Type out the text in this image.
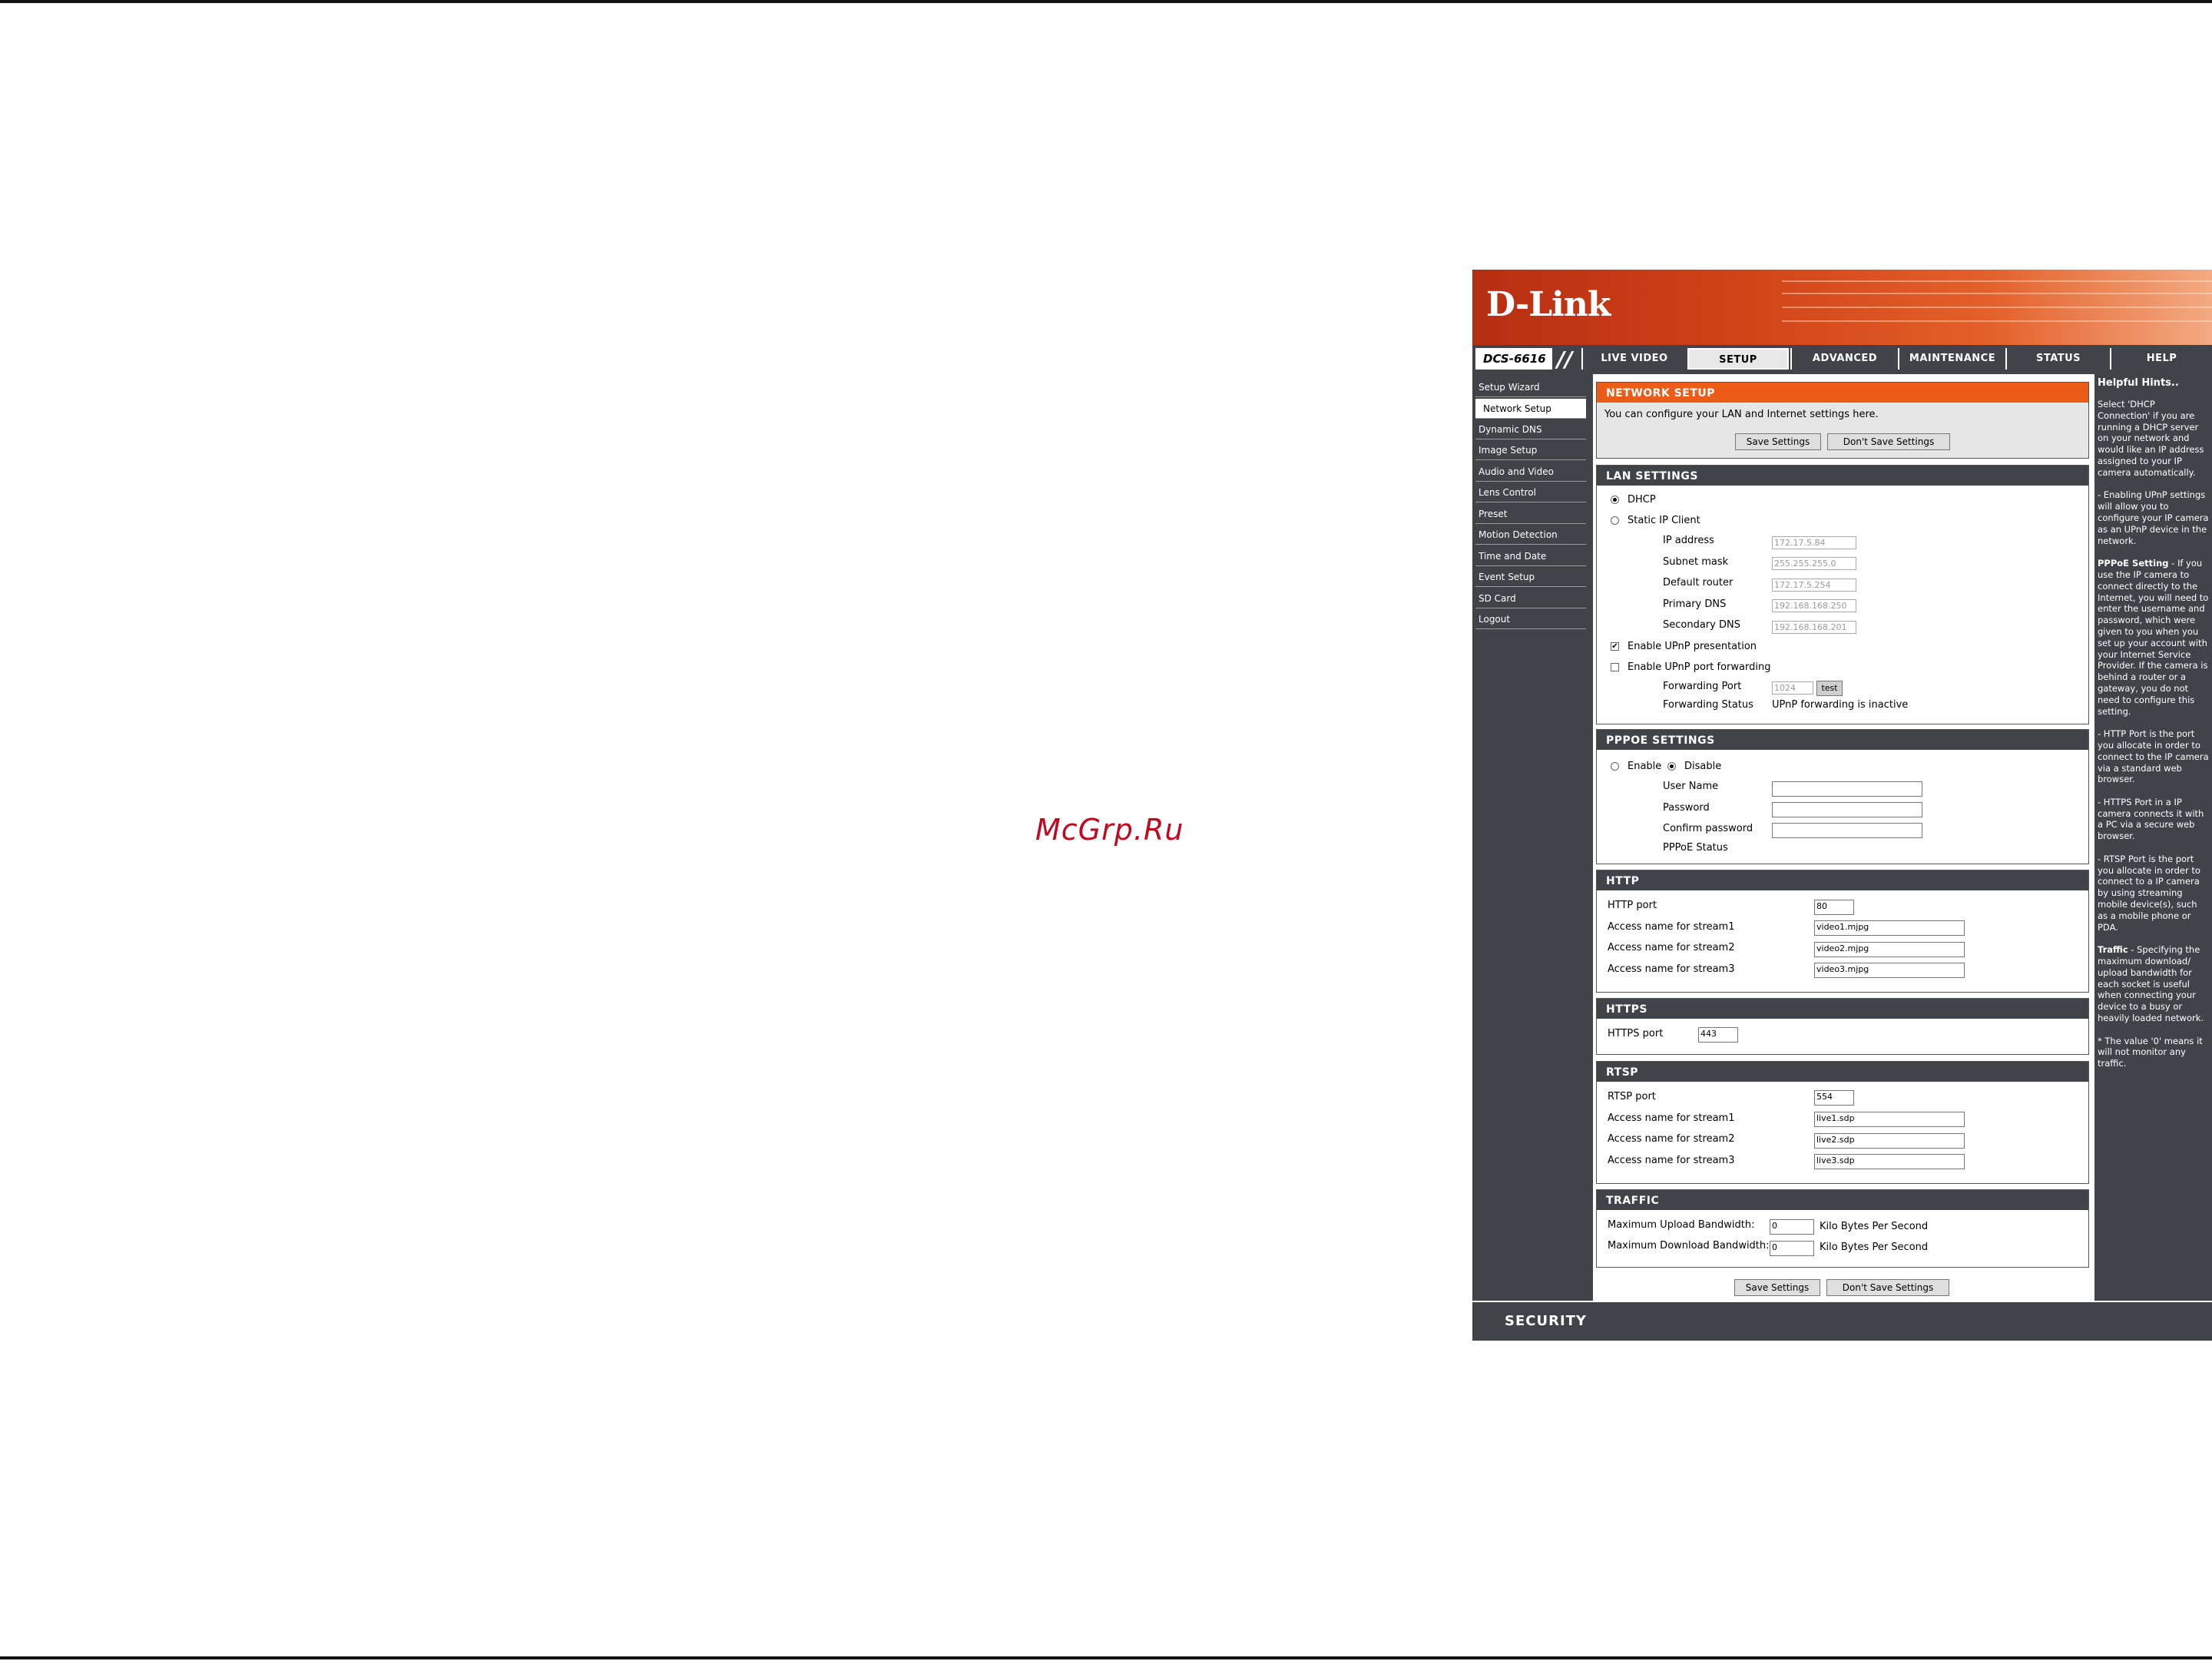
McGrp.Ru
D-Link
DCS-6616 //	LIVE VIDEO	SETUP	ADVANCED	MAINTENANCE	STATUS	HELP
Setup Wizard
Network Setup
Dynamic DNS
Image Setup
Audio and Video
Lens Control
Preset
Motion Detection
Time and Date
Event Setup
SD Card
Logout
NETWORK SETUP
You can configure your LAN and Internet settings here.
Save Settings	Don't Save Settings
LAN SETTINGS
DHCP
Static IP Client
IP address	172.17.5.84
Subnet mask	255.255.255.0
Default router	172.17.5.254
Primary DNS	192.168.168.250
Secondary DNS	192.168.168.201
✔ Enable UPnP presentation
Enable UPnP port forwarding
Forwarding Port	1024	test
Forwarding Status UPnP forwarding is inactive
PPPOE SETTINGS
Enable Disable
User Name
Password
Confirm password
PPPoE Status
HTTP
HTTP port	80
Access name for stream1	video1.mjpg
Access name for stream2	video2.mjpg
Access name for stream3	video3.mjpg
HTTPS
HTTPS port	443
RTSP
RTSP port	554
Access name for stream1	live1.sdp
Access name for stream2	live2.sdp
Access name for stream3	live3.sdp
TRAFFIC
Maximum Upload Bandwidth: 0	Kilo Bytes Per Second
Maximum Download Bandwidth: 0	Kilo Bytes Per Second
Save Settings	Don't Save Settings
Helpful Hints..

Select 'DHCP Connection' if you are running a DHCP server on your network and would like an IP address assigned to your IP camera automatically.

- Enabling UPnP settings will allow you to configure your IP camera as an UPnP device in the network.

PPPoE Setting - If you use the IP camera to connect directly to the Internet, you will need to enter the username and password, which were given to you when you set up your account with your Internet Service Provider. If the camera is behind a router or a gateway, you do not need to configure this setting.

- HTTP Port is the port you allocate in order to connect to the IP camera via a standard web browser.

- HTTPS Port in a IP camera connects it with a PC via a secure web browser.

- RTSP Port is the port you allocate in order to connect to a IP camera by using streaming mobile device(s), such as a mobile phone or PDA.

Traffic - Specifying the maximum download/ upload bandwidth for each socket is useful when connecting your device to a busy or heavily loaded network.

* The value '0' means it will not monitor any traffic.

SECURITY
